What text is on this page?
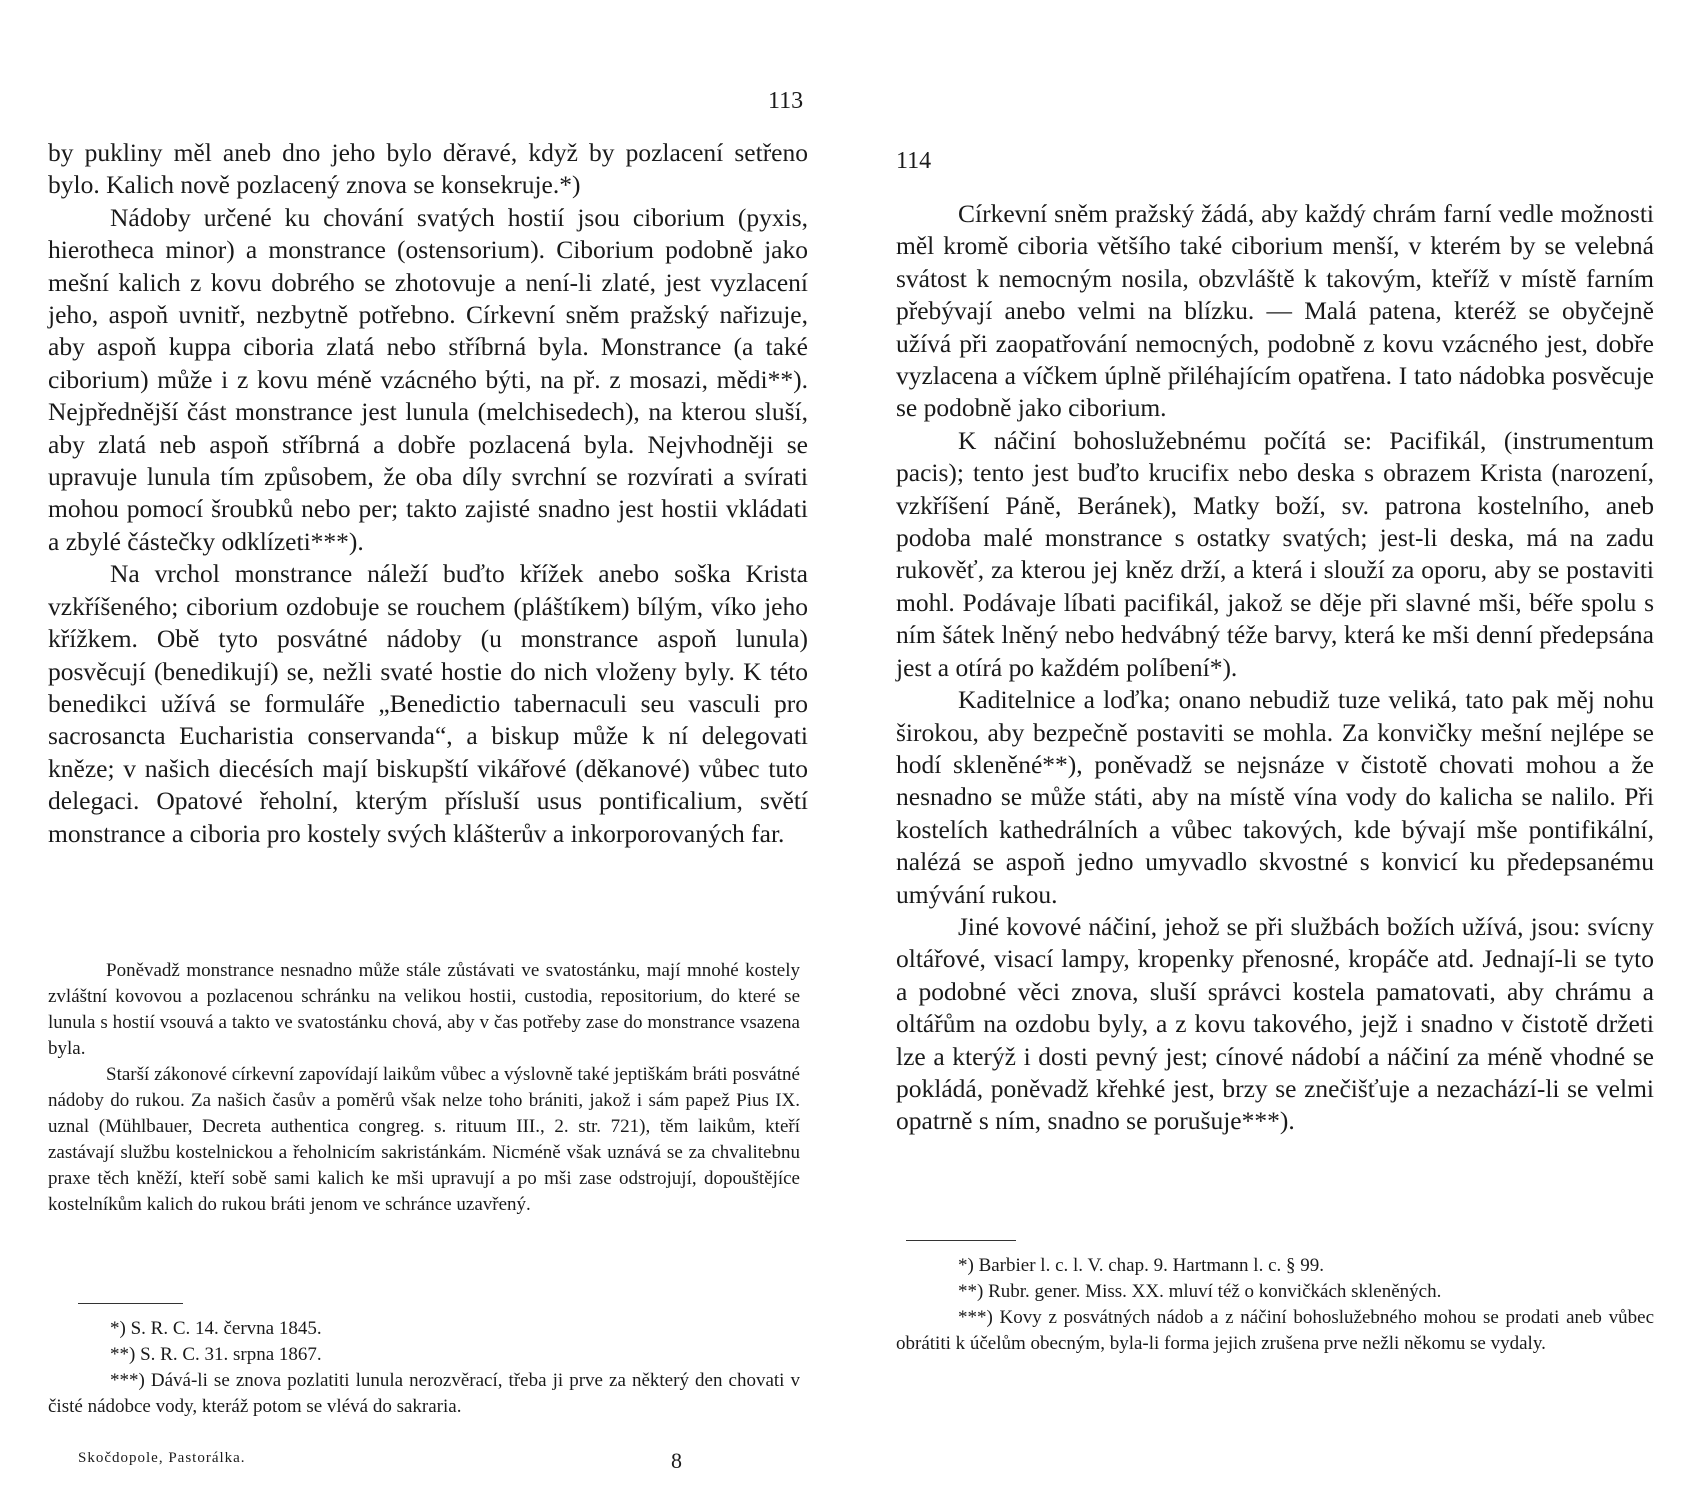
113

by pukliny měl aneb dno jeho bylo děravé, když by pozlacení setřeno bylo. Kalich nově pozlacený znova se konsekruje.*)

Nádoby určené ku chování svatých hostií jsou ciborium (pyxis, hierotheca minor) a monstrance (ostensorium). Ciborium podobně jako mešní kalich z kovu dobrého se zhotovuje a není-li zlaté, jest vyzlacení jeho, aspoň uvnitř, nezbytně potřebno. Církevní sněm pražský nařizuje, aby aspoň kuppa ciboria zlatá nebo stříbrná byla. Monstrance (a také ciborium) může i z kovu méně vzácného býti, na př. z mosazi, mědi**). Nejpřednější část monstrance jest lunula (melchisedech), na kterou sluší, aby zlatá neb aspoň stříbrná a dobře pozlacená byla. Nejvhodněji se upravuje lunula tím způsobem, že oba díly svrchní se rozvírati a svírati mohou pomocí šroubků nebo per; takto zajisté snadno jest hostii vkládati a zbylé částečky odklízeti***).

Na vrchol monstrance náleží buďto křížek anebo soška Krista vzkříšeného; ciborium ozdobuje se rouchem (pláštíkem) bílým, víko jeho křížkem. Obě tyto posvátné nádoby (u monstrance aspoň lunula) posvěcují (benedikují) se, nežli svaté hostie do nich vloženy byly. K této benedikci užívá se formuláře „Benedictio tabernaculi seu vasculi pro sacrosancta Eucharistia conservanda“, a biskup může k ní delegovati kněze; v našich diecésích mají biskupští vikářové (děkanové) vůbec tuto delegaci. Opatové řeholní, kterým přísluší usus pontificalium, světí monstrance a ciboria pro kostely svých klášterův a inkorporovaných far.

Poněvadž monstrance nesnadno může stále zůstávati ve svatostánku, mají mnohé kostely zvláštní kovovou a pozlacenou schránku na velikou hostii, custodia, repositorium, do které se lunula s hostií vsouvá a takto ve svatostánku chová, aby v čas potřeby zase do monstrance vsazena byla.

Starší zákonové církevní zapovídají laikům vůbec a výslovně také jeptiškám bráti posvátné nádoby do rukou. Za našich časův a poměrů však nelze toho brániti, jakož i sám papež Pius IX. uznal (Mühlbauer, Decreta authentica congreg. s. rituum III., 2. str. 721), těm laikům, kteří zastávají službu kostelnickou a řeholnicím sakristánkám. Nicméně však uznává se za chvalitebnu praxe těch kněží, kteří sobě sami kalich ke mši upravují a po mši zase odstrojují, dopouštějíce kostelníkům kalich do rukou bráti jenom ve schránce uzavřený.

*) S. R. C. 14. června 1845.

**) S. R. C. 31. srpna 1867.

***) Dává-li se znova pozlatiti lunula nerozvěrací, třeba ji prve za některý den chovati v čisté nádobce vody, kteráž potom se vlévá do sakraria.

Skočdopole, Pastorálka.	8
114

Církevní sněm pražský žádá, aby každý chrám farní vedle možnosti měl kromě ciboria většího také ciborium menší, v kterém by se velebná svátost k nemocným nosila, obzvláště k takovým, kteříž v místě farním přebývají anebo velmi na blízku. — Malá patena, kteréž se obyčejně užívá při zaopatřování nemocných, podobně z kovu vzácného jest, dobře vyzlacena a víčkem úplně přiléhajícím opatřena. I tato nádobka posvěcuje se podobně jako ciborium.

K náčiní bohoslužebnému počítá se: Pacifikál, (instrumentum pacis); tento jest buďto krucifix nebo deska s obrazem Krista (narození, vzkříšení Páně, Beránek), Matky boží, sv. patrona kostelního, aneb podoba malé monstrance s ostatky svatých; jest-li deska, má na zadu rukověť, za kterou jej kněz drží, a která i slouží za oporu, aby se postaviti mohl. Podávaje líbati pacifikál, jakož se děje při slavné mši, béře spolu s ním šátek lněný nebo hedvábný téže barvy, která ke mši denní předepsána jest a otírá po každém políbení*).

Kaditelnice a loďka; onano nebudiž tuze veliká, tato pak měj nohu širokou, aby bezpečně postaviti se mohla. Za konvičky mešní nejlépe se hodí skleněné**), poněvadž se nejsnáze v čistotě chovati mohou a že nesnadno se může státi, aby na místě vína vody do kalicha se nalilo. Při kostelích kathedrálních a vůbec takových, kde bývají mše pontifikální, nalézá se aspoň jedno umyvadlo skvostné s konvicí ku předepsanému umývání rukou.

Jiné kovové náčiní, jehož se při službách božích užívá, jsou: svícny oltářové, visací lampy, kropenky přenosné, kropáče atd. Jednají-li se tyto a podobné věci znova, sluší správci kostela pamatovati, aby chrámu a oltářům na ozdobu byly, a z kovu takového, jejž i snadno v čistotě držeti lze a kterýž i dosti pevný jest; cínové nádobí a náčiní za méně vhodné se pokládá, poněvadž křehké jest, brzy se znečišťuje a nezachází-li se velmi opatrně s ním, snadno se porušuje***).

*) Barbier l. c. l. V. chap. 9. Hartmann l. c. § 99.

**) Rubr. gener. Miss. XX. mluví též o konvičkách skleněných.

***) Kovy z posvátných nádob a z náčiní bohoslužebného mohou se prodati aneb vůbec obrátiti k účelům obecným, byla-li forma jejich zrušena prve nežli někomu se vydaly.
